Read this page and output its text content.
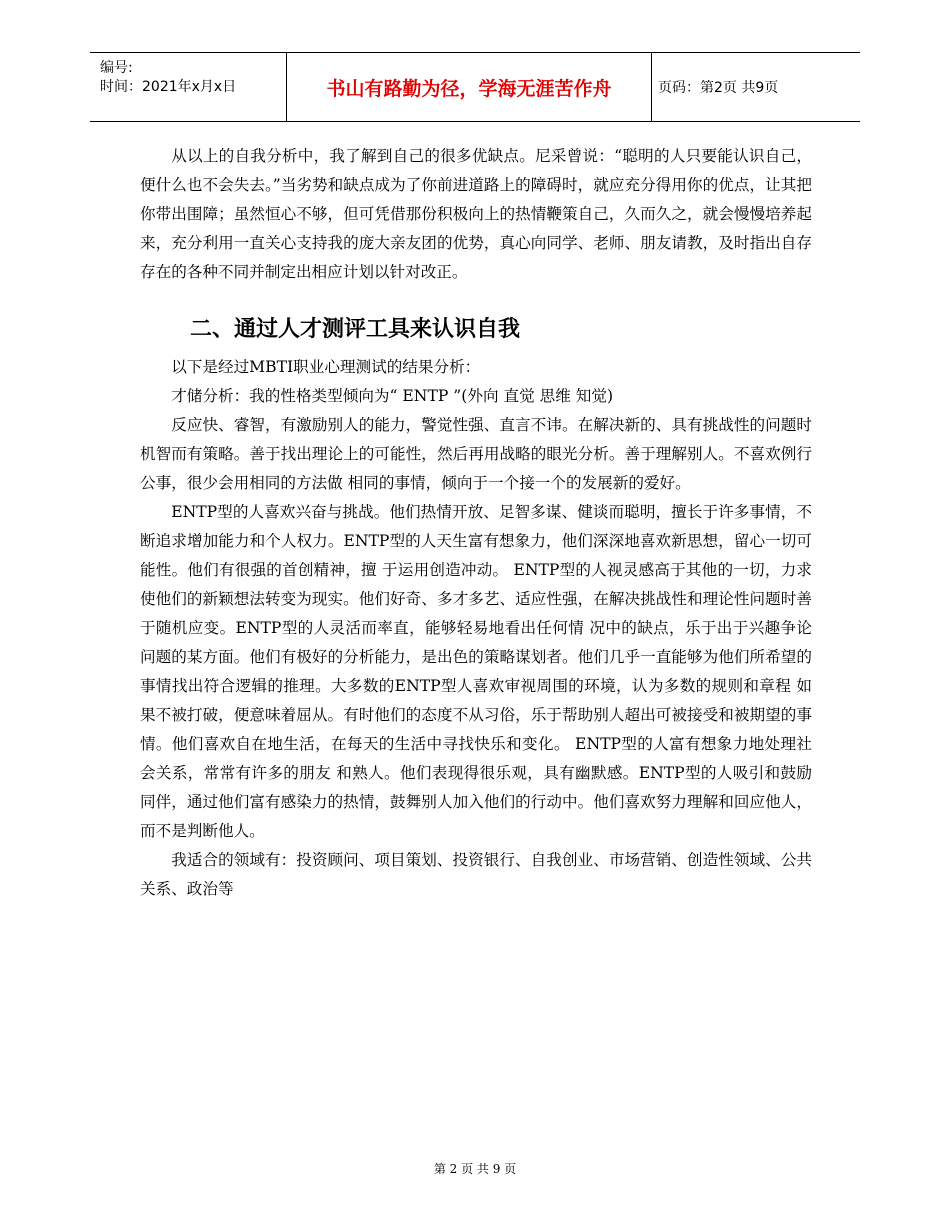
编号:
时间：2021年x月x日	书山有路勤为径，学海无涯苦作舟	页码：第2页 共9页

从以上的自我分析中，我了解到自己的很多优缺点。尼采曾说：“聪明的人只要能认识自己，便什么也不会失去。”当劣势和缺点成为了你前进道路上的障碍时，就应充分得用你的优点，让其把你带出围障；虽然恒心不够，但可凭借那份积极向上的热情鞭策自己，久而久之，就会慢慢培养起来，充分利用一直关心支持我的庞大亲友团的优势，真心向同学、老师、朋友请教，及时指出自存存在的各种不同并制定出相应计划以针对改正。

二、通过人才测评工具来认识自我

以下是经过MBTI职业心理测试的结果分析：

才储分析：我的性格类型倾向为“ ENTP ”(外向 直觉 思维 知觉)

反应快、睿智，有激励别人的能力，警觉性强、直言不讳。在解决新的、具有挑战性的问题时机智而有策略。善于找出理论上的可能性，然后再用战略的眼光分析。善于理解别人。不喜欢例行公事，很少会用相同的方法做 相同的事情，倾向于一个接一个的发展新的爱好。

ENTP型的人喜欢兴奋与挑战。他们热情开放、足智多谋、健谈而聪明，擅长于许多事情，不断追求增加能力和个人权力。ENTP型的人天生富有想象力，他们深深地喜欢新思想，留心一切可能性。他们有很强的首创精神，擅 于运用创造冲动。 ENTP型的人视灵感高于其他的一切，力求使他们的新颖想法转变为现实。他们好奇、多才多艺、适应性强，在解决挑战性和理论性问题时善于随机应变。ENTP型的人灵活而率直，能够轻易地看出任何情 况中的缺点，乐于出于兴趣争论问题的某方面。他们有极好的分析能力，是出色的策略谋划者。他们几乎一直能够为他们所希望的事情找出符合逻辑的推理。大多数的ENTP型人喜欢审视周围的环境，认为多数的规则和章程 如果不被打破，便意味着屈从。有时他们的态度不从习俗，乐于帮助别人超出可被接受和被期望的事情。他们喜欢自在地生活，在每天的生活中寻找快乐和变化。 ENTP型的人富有想象力地处理社会关系，常常有许多的朋友 和熟人。他们表现得很乐观，具有幽默感。ENTP型的人吸引和鼓励同伴，通过他们富有感染力的热情，鼓舞别人加入他们的行动中。他们喜欢努力理解和回应他人，而不是判断他人。

我适合的领域有：投资顾问、项目策划、投资银行、自我创业、市场营销、创造性领域、公共关系、政治等

第 2 页 共 9 页
